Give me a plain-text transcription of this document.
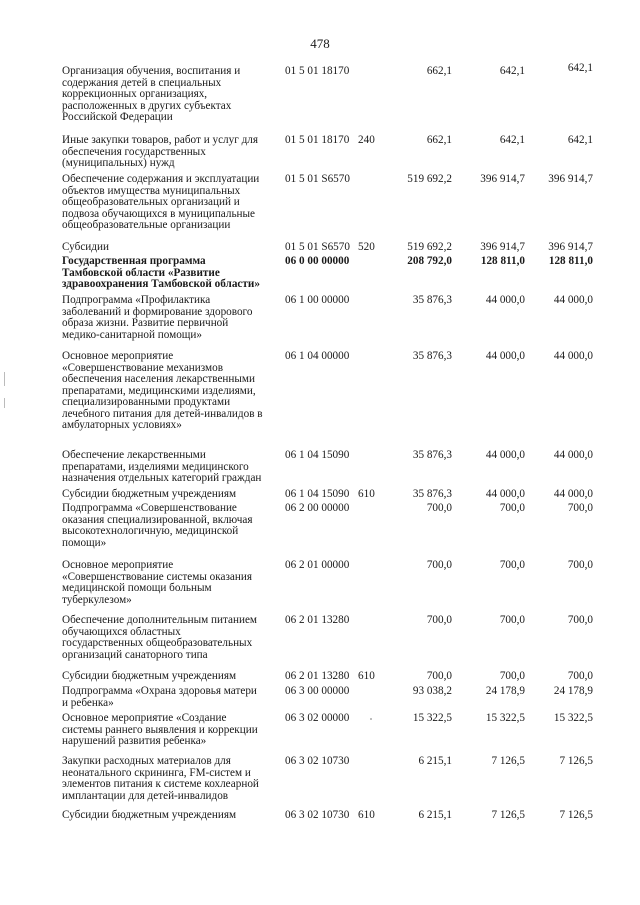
478
Организация обучения, воспитания и
содержания детей в специальных
коррекционных организациях,
расположенных в других субъектах
Российской Федерации
01 5 01 18170	662,1	642,1	642,1
Иные закупки товаров, работ и услуг для
обеспечения государственных
(муниципальных) нужд
01 5 01 18170 240	662,1	642,1	642,1
Обеспечение содержания и эксплуатации
объектов имущества муниципальных
общеобразовательных организаций и
подвоза обучающихся в муниципальные
общеобразовательные организации
01 5 01 S6570	519 692,2	396 914,7	396 914,7
Субсидии	01 5 01 S6570 520	519 692,2	396 914,7	396 914,7
Государственная программа
Тамбовской области «Развитие
здравоохранения Тамбовской области»
06 0 00 00000	208 792,0	128 811,0	128 811,0
Подпрограмма «Профилактика
заболеваний и формирование здорового
образа жизни. Развитие первичной
медико-санитарной помощи»
06 1 00 00000	35 876,3	44 000,0	44 000,0
Основное мероприятие
«Совершенствование механизмов
обеспечения населения лекарственными
препаратами, медицинскими изделиями,
специализированными продуктами
лечебного питания для детей-инвалидов в
амбулаторных условиях»
06 1 04 00000	35 876,3	44 000,0	44 000,0
Обеспечение лекарственными
препаратами, изделиями медицинского
назначения отдельных категорий граждан
06 1 04 15090	35 876,3	44 000,0	44 000,0
Субсидии бюджетным учреждениям	06 1 04 15090 610	35 876,3	44 000,0	44 000,0
Подпрограмма «Совершенствование
оказания специализированной, включая
высокотехнологичную, медицинской
помощи»
06 2 00 00000	700,0	700,0	700,0
Основное мероприятие
«Совершенствование системы оказания
медицинской помощи больным
туберкулезом»
06 2 01 00000	700,0	700,0	700,0
Обеспечение дополнительным питанием
обучающихся областных
государственных общеобразовательных
организаций санаторного типа
06 2 01 13280	700,0	700,0	700,0
Субсидии бюджетным учреждениям	06 2 01 13280 610	700,0	700,0	700,0
Подпрограмма «Охрана здоровья матери
и ребенка»
06 3 00 00000	93 038,2	24 178,9	24 178,9
Основное мероприятие «Создание
системы раннего выявления и коррекции
нарушений развития ребенка»
06 3 02 00000	15 322,5	15 322,5	15 322,5
Закупки расходных материалов для
неонатального скрининга, FM-систем и
элементов питания к системе кохлеарной
имплантации для детей-инвалидов
06 3 02 10730	6 215,1	7 126,5	7 126,5
Субсидии бюджетным учреждениям	06 3 02 10730 610	6 215,1	7 126,5	7 126,5
